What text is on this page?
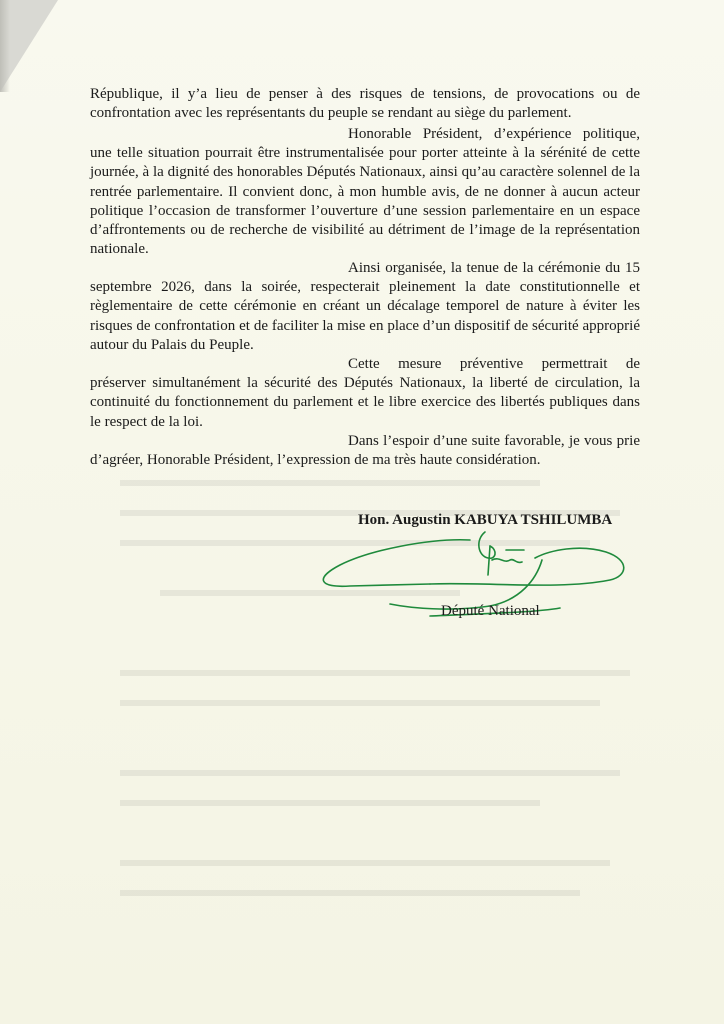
République, il y’a lieu de penser à des risques de tensions, de provocations ou de confrontation avec les représentants du peuple se rendant au siège du parlement.

Honorable Président, d’expérience politique, une telle situation pourrait être instrumentalisée pour porter atteinte à la sérénité de cette journée, à la dignité des honorables Députés Nationaux, ainsi qu’au caractère solennel de la rentrée parlementaire. Il convient donc, à mon humble avis, de ne donner à aucun acteur politique l’occasion de transformer l’ouverture d’une session parlementaire en un espace d’affrontements ou de recherche de visibilité au détriment de l’image de la représentation nationale.

Ainsi organisée, la tenue de la cérémonie du 15 septembre 2026, dans la soirée, respecterait pleinement la date constitutionnelle et règlementaire de cette cérémonie en créant un décalage temporel de nature à éviter les risques de confrontation et de faciliter la mise en place d’un dispositif de sécurité approprié autour du Palais du Peuple.

Cette mesure préventive permettrait de préserver simultanément la sécurité des Députés Nationaux, la liberté de circulation, la continuité du fonctionnement du parlement et le libre exercice des libertés publiques dans le respect de la loi.

Dans l’espoir d’une suite favorable, je vous prie d’agréer, Honorable Président, l’expression de ma très haute considération.

Hon. Augustin KABUYA TSHILUMBA
Député National
